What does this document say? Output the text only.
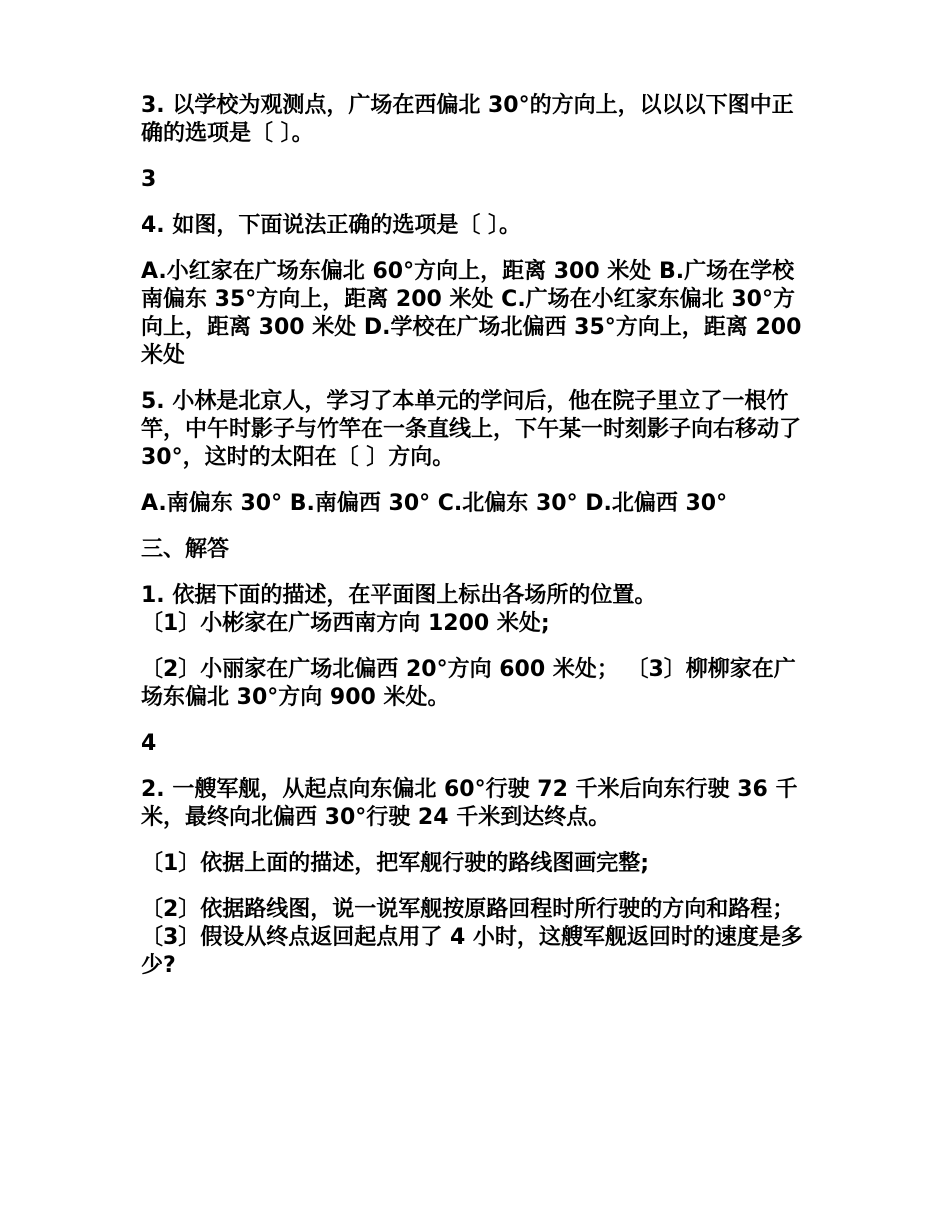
3. 以学校为观测点，广场在西偏北 30°的方向上，以以以下图中正确的选项是〔 〕。

3

4. 如图，下面说法正确的选项是〔 〕。

A.小红家在广场东偏北 60°方向上，距离 300 米处 B.广场在学校南偏东 35°方向上，距离 200 米处 C.广场在小红家东偏北 30°方向上，距离 300 米处 D.学校在广场北偏西 35°方向上，距离 200 米处

5. 小林是北京人，学习了本单元的学问后，他在院子里立了一根竹竿，中午时影子与竹竿在一条直线上，下午某一时刻影子向右移动了 30°，这时的太阳在〔 〕方向。

A.南偏东 30° B.南偏西 30° C.北偏东 30° D.北偏西 30°

三、解答

1. 依据下面的描述，在平面图上标出各场所的位置。

〔1〕小彬家在广场西南方向 1200 米处;

〔2〕小丽家在广场北偏西 20°方向 600 米处； 〔3〕柳柳家在广场东偏北 30°方向 900 米处。

4

2. 一艘军舰，从起点向东偏北 60°行驶 72 千米后向东行驶 36 千米，最终向北偏西 30°行驶 24 千米到达终点。

〔1〕依据上面的描述，把军舰行驶的路线图画完整;

〔2〕依据路线图，说一说军舰按原路回程时所行驶的方向和路程； 〔3〕假设从终点返回起点用了 4 小时，这艘军舰返回时的速度是多少?
